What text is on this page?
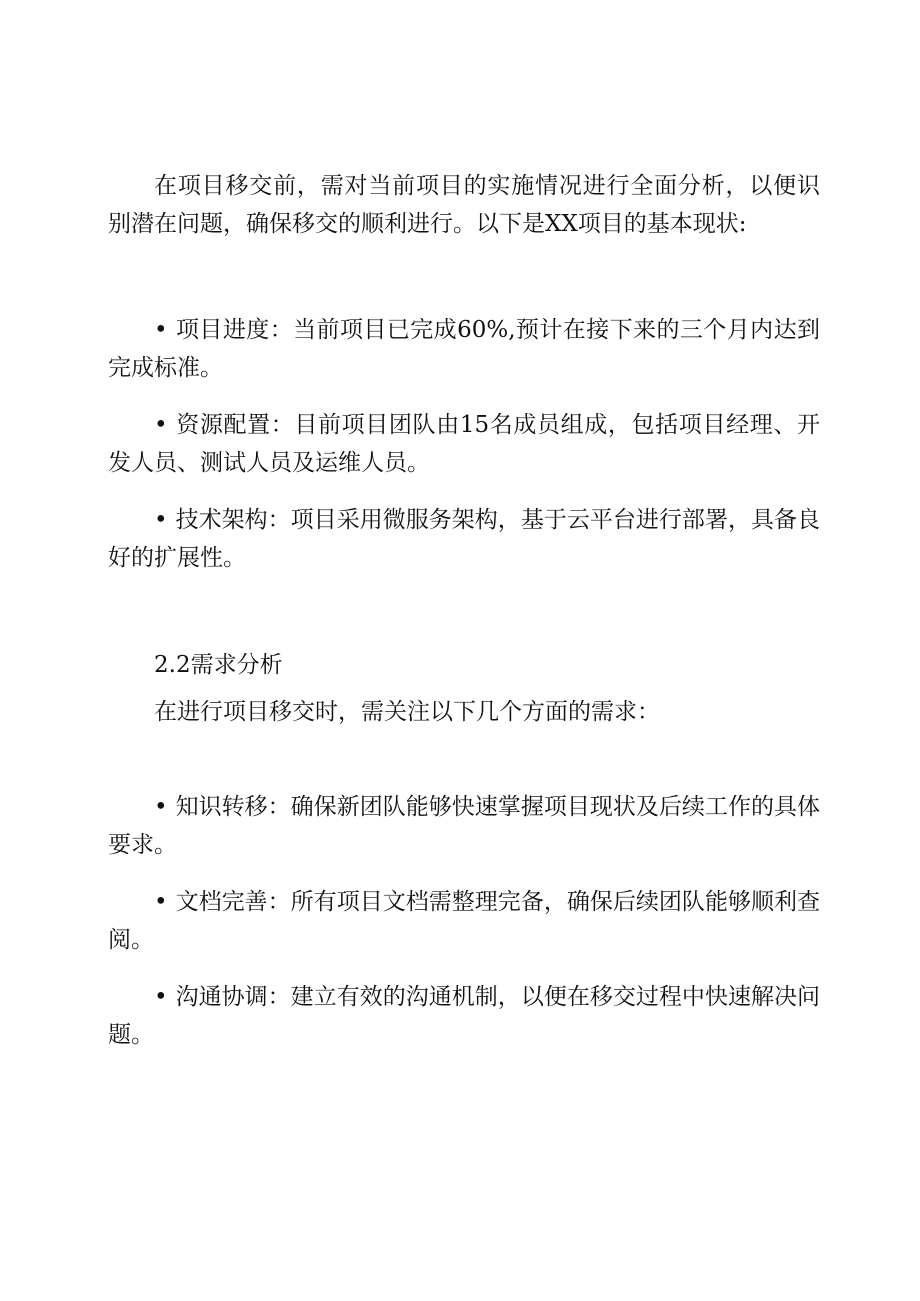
在项目移交前，需对当前项目的实施情况进行全面分析，以便识别潜在问题，确保移交的顺利进行。以下是XX项目的基本现状:

• 项目进度：当前项目已完成60%,预计在接下来的三个月内达到完成标准。

• 资源配置：目前项目团队由15名成员组成，包括项目经理、开发人员、测试人员及运维人员。

• 技术架构：项目采用微服务架构，基于云平台进行部署，具备良好的扩展性。

2.2需求分析

在进行项目移交时，需关注以下几个方面的需求：

• 知识转移：确保新团队能够快速掌握项目现状及后续工作的具体要求。

• 文档完善：所有项目文档需整理完备，确保后续团队能够顺利查阅。

• 沟通协调：建立有效的沟通机制，以便在移交过程中快速解决问题。
